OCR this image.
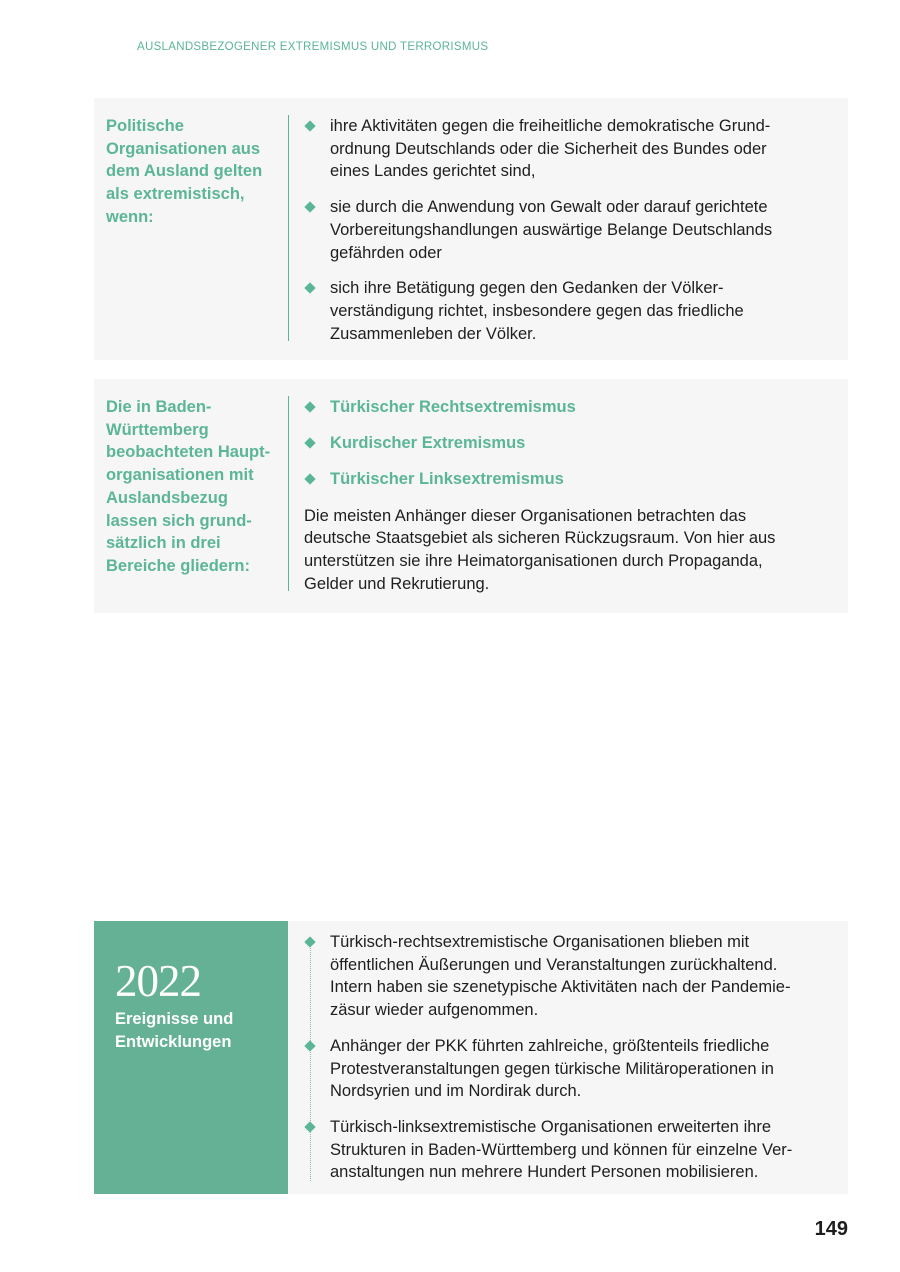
AUSLANDSBEZOGENER EXTREMISMUS UND TERRORISMUS
Politische
Organisationen aus
dem Ausland gelten
als extremistisch,
wenn:
ihre Aktivitäten gegen die freiheitliche demokratische Grund-
ordnung Deutschlands oder die Sicherheit des Bundes oder
eines Landes gerichtet sind,
sie durch die Anwendung von Gewalt oder darauf gerichtete
Vorbereitungshandlungen auswärtige Belange Deutschlands
gefährden oder
sich ihre Betätigung gegen den Gedanken der Völker-
verständigung richtet, insbesondere gegen das friedliche
Zusammenleben der Völker.
Die in Baden-
Württemberg
beobachteten Haupt-
organisationen mit
Auslandsbezug
lassen sich grund-
sätzlich in drei
Bereiche gliedern:
Türkischer Rechtsextremismus
Kurdischer Extremismus
Türkischer Linksextremismus
Die meisten Anhänger dieser Organisationen betrachten das
deutsche Staatsgebiet als sicheren Rückzugsraum. Von hier aus
unterstützen sie ihre Heimatorganisationen durch Propaganda,
Gelder und Rekrutierung.
2022
Ereignisse und
Entwicklungen
Türkisch-rechtsextremistische Organisationen blieben mit
öffentlichen Äußerungen und Veranstaltungen zurückhaltend.
Intern haben sie szenetypische Aktivitäten nach der Pandemie-
zäsur wieder aufgenommen.
Anhänger der PKK führten zahlreiche, größtenteils friedliche
Protestveranstaltungen gegen türkische Militäroperationen in
Nordsyrien und im Nordirak durch.
Türkisch-linksextremistische Organisationen erweiterten ihre
Strukturen in Baden-Württemberg und können für einzelne Ver-
anstaltungen nun mehrere Hundert Personen mobilisieren.
149
